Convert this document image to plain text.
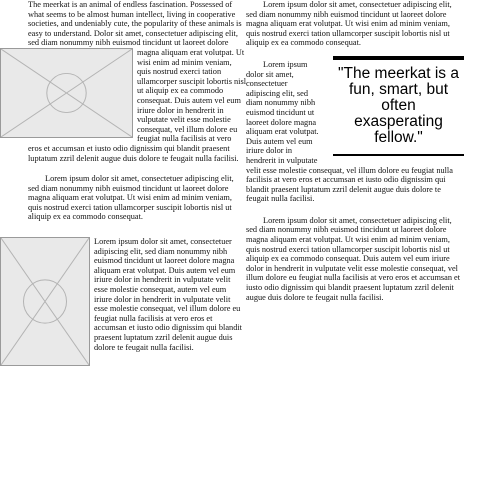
The meerkat is an animal of endless fascination. Possessed of what seems to be almost human intellect, living in cooperative societies, and undeniably cute, the popularity of these animals is easy to understand. Dolor sit amet, consectetuer adipiscing elit, sed diam nonummy nibh euismod tincidunt ut laoreet dolore magna aliquam erat volutpat. Ut wisi enim ad minim veniam, quis nostrud exerci tation ullamcorper suscipit lobortis nisl ut aliquip ex ea commodo consequat. Duis autem vel eum iriure dolor in hendrerit in vulputate velit esse molestie consequat, vel illum dolore eu feugiat nulla facilisis at vero eros et accumsan et iusto odio dignissim qui blandit praesent luptatum zzril delenit augue duis dolore te feugait nulla facilisi.

Lorem ipsum dolor sit amet, consectetuer adipiscing elit, sed diam nonummy nibh euismod tincidunt ut laoreet dolore magna aliquam erat volutpat. Ut wisi enim ad minim veniam, quis nostrud exerci tation ullamcorper suscipit lobortis nisl ut aliquip ex ea commodo consequat.

Lorem ipsum dolor sit amet, consectetuer adipiscing elit, sed diam nonummy nibh euismod tincidunt ut laoreet dolore magna aliquam erat volutpat. Duis autem vel eum iriure dolor in hendrerit in vulputate velit esse molestie consequat, autem vel eum iriure dolor in hendrerit in vulputate velit esse molestie consequat, vel illum dolore eu feugiat nulla facilisis at vero eros et accumsan et iusto odio dignissim qui blandit praesent luptatum zzril delenit augue duis dolore te feugait nulla facilisi.

Lorem ipsum dolor sit amet, consectetuer adipiscing elit, sed diam nonummy nibh euismod tincidunt ut laoreet dolore magna aliquam erat volutpat. Ut wisi enim ad minim veniam, quis nostrud exerci tation ullamcorper suscipit lobortis nisl ut aliquip ex ea commodo consequat.

"The meerkat is a fun, smart, but often exasperating fellow."

Lorem ipsum dolor sit amet, consectetuer adipiscing elit, sed diam nonummy nibh euismod tincidunt ut laoreet dolore magna aliquam erat volutpat. Duis autem vel eum iriure dolor in hendrerit in vulputate velit esse molestie consequat, vel illum dolore eu feugiat nulla facilisis at vero eros et accumsan et iusto odio dignissim qui blandit praesent luptatum zzril delenit augue duis dolore te feugait nulla facilisi.

Lorem ipsum dolor sit amet, consectetuer adipiscing elit, sed diam nonummy nibh euismod tincidunt ut laoreet dolore magna aliquam erat volutpat. Ut wisi enim ad minim veniam, quis nostrud exerci tation ullamcorper suscipit lobortis nisl ut aliquip ex ea commodo consequat. Duis autem vel eum iriure dolor in hendrerit in vulputate velit esse molestie consequat, vel illum dolore eu feugiat nulla facilisis at vero eros et accumsan et iusto odio dignissim qui blandit praesent luptatum zzril delenit augue duis dolore te feugait nulla facilisi.
